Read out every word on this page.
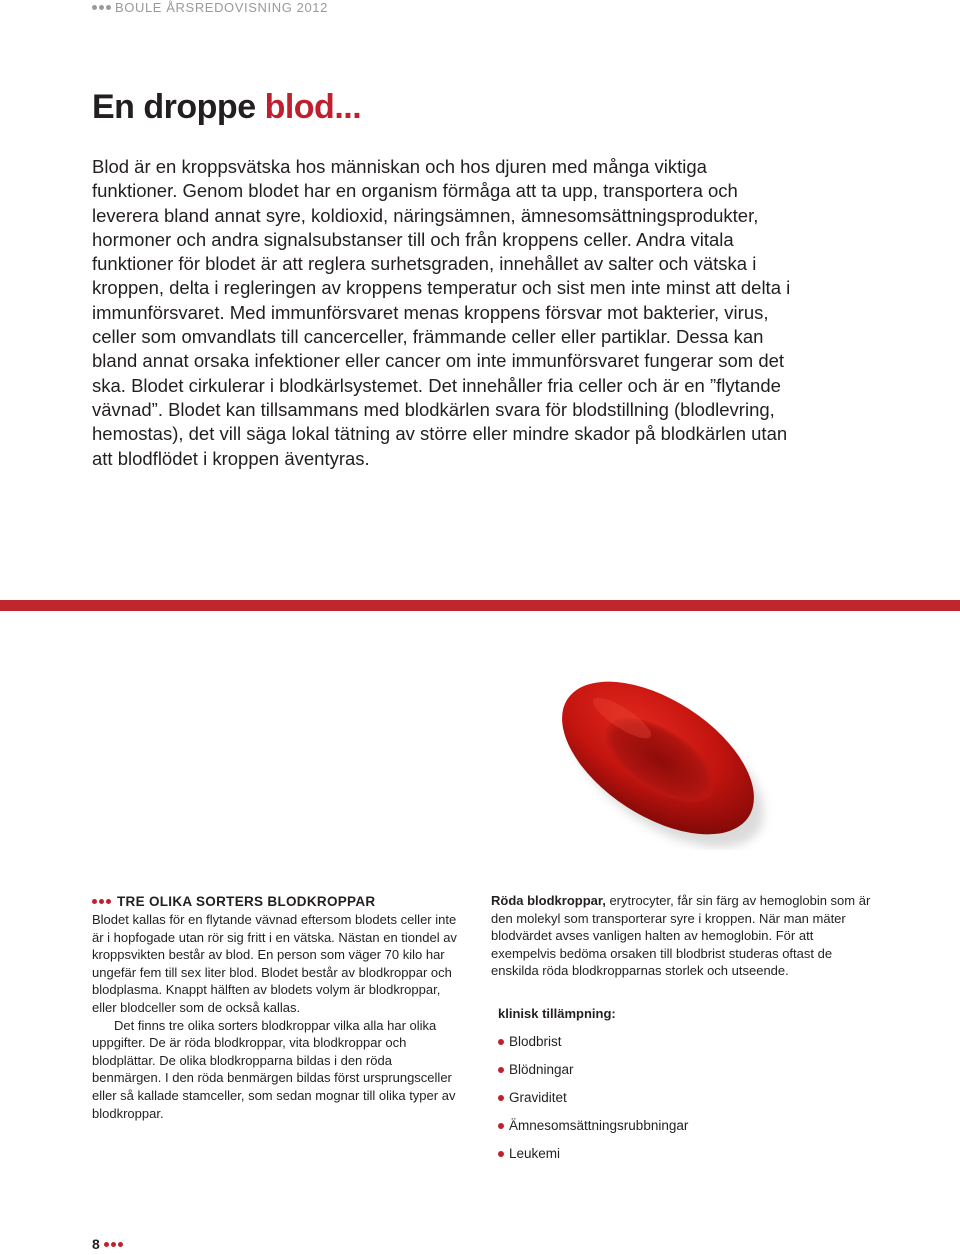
BOULE ÅRSREDOVISNING 2012
En droppe blod...

Blod är en kroppsvätska hos människan och hos djuren med många viktiga funktioner. Genom blodet har en organism förmåga att ta upp, transportera och leverera bland annat syre, koldioxid, näringsämnen, ämnesomsättningsprodukter, hormoner och andra signalsubstanser till och från kroppens celler. Andra vitala funktioner för blodet är att reglera surhetsgraden, innehållet av salter och vätska i kroppen, delta i regleringen av kroppens temperatur och sist men inte minst att delta i immunförsvaret. Med immunförsvaret menas kroppens försvar mot bakterier, virus, celler som omvandlats till cancerceller, främmande celler eller partiklar. Dessa kan bland annat orsaka infektioner eller cancer om inte immunförsvaret fungerar som det ska. Blodet cirkulerar i blodkärlsystemet. Det innehåller fria celler och är en ”flytande vävnad”. Blodet kan tillsammans med blodkärlen svara för blodstillning (blodlevring, hemostas), det vill säga lokal tätning av större eller mindre skador på blodkärlen utan att blodflödet i kroppen äventyras.

TRE OLIKA SORTERS BLODKROPPAR

Blodet kallas för en flytande vävnad eftersom blodets celler inte är i hopfogade utan rör sig fritt i en vätska. Nästan en tiondel av kroppsvikten består av blod. En person som väger 70 kilo har ungefär fem till sex liter blod. Blodet består av blodkroppar och blodplasma. Knappt hälften av blodets volym är blodkroppar, eller blodceller som de också kallas.

Det finns tre olika sorters blodkroppar vilka alla har olika uppgifter. De är röda blodkroppar, vita blodkroppar och blodplättar. De olika blodkropparna bildas i den röda benmärgen. I den röda benmärgen bildas först ursprungsceller eller så kallade stamceller, som sedan mognar till olika typer av blodkroppar.

Röda blodkroppar, erytrocyter, får sin färg av hemoglobin som är den molekyl som transporterar syre i kroppen. När man mäter blodvärdet avses vanligen halten av hemoglobin. För att exempelvis bedöma orsaken till blodbrist studeras oftast de enskilda röda blodkropparnas storlek och utseende.

klinisk tillämpning:

Blodbrist
Blödningar
Graviditet
Ämnesomsättningsrubbningar
Leukemi
8
